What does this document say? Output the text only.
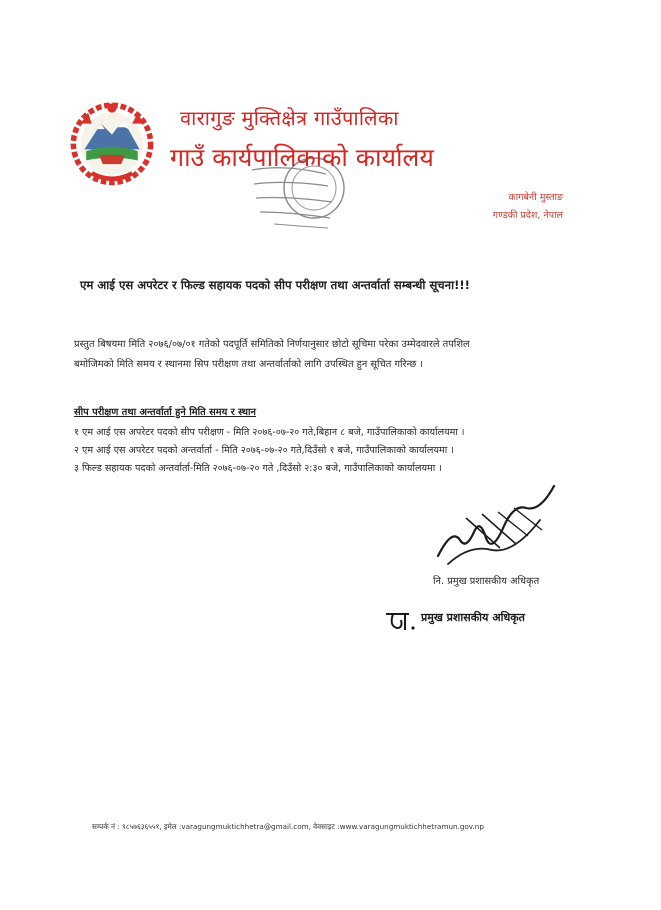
वारागुङ मुक्तिक्षेत्र गाउँपालिका
गाउँ कार्यपालिकाको कार्यालय
कागबेनी मुस्ताङ
गण्डकी प्रदेश, नेपाल
एम आई एस अपरेटर र फिल्ड सहायक पदको सीप परीक्षण तथा अन्तर्वार्ता सम्बन्धी सूचना!!!
प्रस्तुत बिषयमा मिति २०७६/०७/०१ गतेको पदपूर्ति समितिको निर्णयानुसार छोटो सूचिमा परेका उम्मेदवारले तपशिल
बमोजिमको मिति समय र स्थानमा सिप परीक्षण तथा अन्तर्वार्ताको लागि उपस्थित हुन सूचित गरिन्छ ।
सीप परीक्षण तथा अन्तर्वार्ता हुने मिति समय र स्थान
१ एम आई एस अपरेटर पदको सीप परीक्षण - मिति २०७६-०७-२० गते,बिहान ८ बजे, गाउँपालिकाको कार्यालयमा ।
२ एम आई एस अपरेटर पदको अन्तर्वार्ता - मिति २०७६-०७-२० गते,दिउँसो १ बजे, गाउँपालिकाको कार्यालयमा ।
३ फिल्ड सहायक पदको अन्तर्वार्ता-मिति २०७६-०७-२० गते ,दिउँसो २:३० बजे, गाउँपालिकाको कार्यालयमा ।
नि. प्रमुख प्रशासकीय अधिकृत
प्रमुख प्रशासकीय अधिकृत
सम्पर्क नं : ९८५७६३६५५१, इमेल :varagungmuktichhetra@gmail.com, वेवसाइट :www.varagungmuktichhetramun.gov.np
